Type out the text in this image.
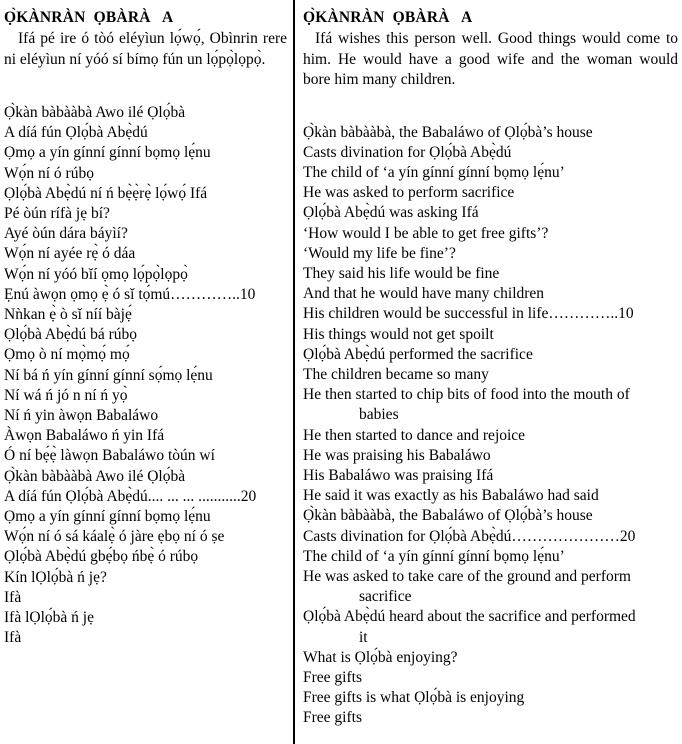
Ọ̀KÀNRÀN  ỌBÀRÀ   A

Ifá pé ire ó tòó eléyìun lọ́wọ́, Obìnrin rere ni eléyìun ní yóó sí bímọ fún un lọ́pọ̀lọpọ̀.

Ọ̀kàn bàbààbà Awo ilé Ọlọ́bà
A díá fún Ọlọ́bà Abẹ̀dú
Ọmọ a yín gínní gínní bọmọ lẹ́nu
Wọ́n ní ó rúbọ
Ọlọ́bà Abẹ̀dú ní ń bẹ̀ẹ̀rẹ̀ lọ́wọ́ Ifá
Pé òún rífà jẹ bí?
Ayé òún dára báyìí?
Wọ́n ní ayée rẹ̀ ó dáa
Wọ́n ní yóó bǐí ọmọ lọ́pọ̀lọpọ̀
Ẹnú àwọn ọmọ ẹ̀ ó sǐ tọ́mú…………..10
Nǹkan ẹ̀ ò sǐ níí bàjẹ́
Ọlọ́bà Abẹ̀dú bá rúbọ
Ọmọ ò ní mọ̀mọ́ mọ́
Ní bá ń yín gínní gínní sọ́mọ lẹ́nu
Ní wá ń jó n ní ń yọ̀
Ní ń yin àwọn Babaláwo
Àwọn Babaláwo ń yin Ifá
Ó ní bẹ́ẹ̀ làwọn Babaláwo tòún wí
Ọ̀kàn bàbààbà Awo ilé Ọlọ́bà
A díá fún Ọlọ́bà Abẹ̀dú.... ... ... ...........20
Ọmọ a yín gínní gínní bọmọ lẹ́nu
Wọ́n ní ó sá káalẹ̀ ó jàre ẹbọ ní ó ṣe
Ọlọ́bà Abẹ̀dú gbẹ́bọ ńbẹ̀ ó rúbọ
Kín lỌlọ́bà ń jẹ?
Ifà
Ifà lỌlọ́bà ń jẹ
Ifà
Ọ̀KÀNRÀN  ỌBÀRÀ   A

Ifá wishes this person well. Good things would come to him. He would have a good wife and the woman would bore him many children.

Ọ̀kàn bàbààbà, the Babaláwo of Ọlọ́bà’s house
Casts divination for Ọlọ́bà Abẹ̀dú
The child of ‘a yín gínní gínní bọmọ lẹ́nu’
He was asked to perform sacrifice
Ọlọ́bà Abẹ̀dú was asking Ifá
‘How would I be able to get free gifts’?
‘Would my life be fine’?
They said his life would be fine
And that he would have many children
His children would be successful in life…………..10
His things would not get spoilt
Ọlọ́bà Abẹ̀dú performed the sacrifice
The children became so many
He then started to chip bits of food into the mouth of
babies
He then started to dance and rejoice
He was praising his Babaláwo
His Babaláwo was praising Ifá
He said it was exactly as his Babaláwo had said
Ọ̀kàn bàbààbà, the Babaláwo of Ọlọ́bà’s house
Casts divination for Ọlọ́bà Abẹ̀dú…………………20
The child of ‘a yín gínní gínní bọmọ lẹ́nu’
He was asked to take care of the ground and perform
sacrifice
Ọlọ́bà Abẹ̀dú heard about the sacrifice and performed
it
What is Ọlọ́bà enjoying?
Free gifts
Free gifts is what Ọlọ́bà is enjoying
Free gifts
